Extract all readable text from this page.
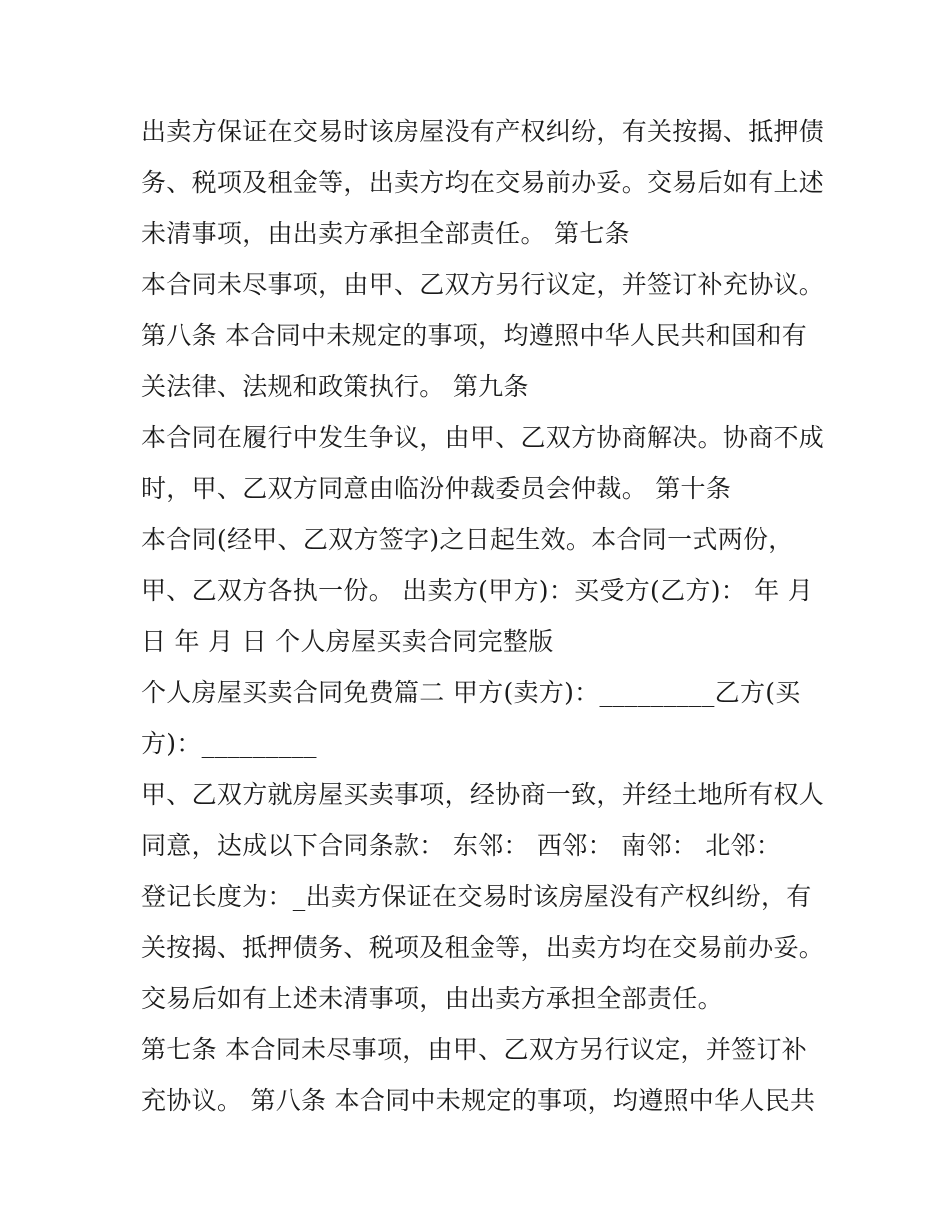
出卖方保证在交易时该房屋没有产权纠纷，有关按揭、抵押债
务、税项及租金等，出卖方均在交易前办妥。交易后如有上述
未清事项，由出卖方承担全部责任。 第七条
本合同未尽事项，由甲、乙双方另行议定，并签订补充协议。
第八条 本合同中未规定的事项，均遵照中华人民共和国和有
关法律、法规和政策执行。 第九条
本合同在履行中发生争议，由甲、乙双方协商解决。协商不成
时，甲、乙双方同意由临汾仲裁委员会仲裁。 第十条
本合同(经甲、乙双方签字)之日起生效。本合同一式两份，
甲、乙双方各执一份。 出卖方(甲方)：买受方(乙方)： 年 月
日 年 月 日 个人房屋买卖合同完整版
个人房屋买卖合同免费篇二 甲方(卖方)：_________乙方(买
方)：_________
甲、乙双方就房屋买卖事项，经协商一致，并经土地所有权人
同意，达成以下合同条款： 东邻： 西邻： 南邻： 北邻：
登记长度为：_出卖方保证在交易时该房屋没有产权纠纷，有
关按揭、抵押债务、税项及租金等，出卖方均在交易前办妥。
交易后如有上述未清事项，由出卖方承担全部责任。
第七条 本合同未尽事项，由甲、乙双方另行议定，并签订补
充协议。 第八条 本合同中未规定的事项，均遵照中华人民共
